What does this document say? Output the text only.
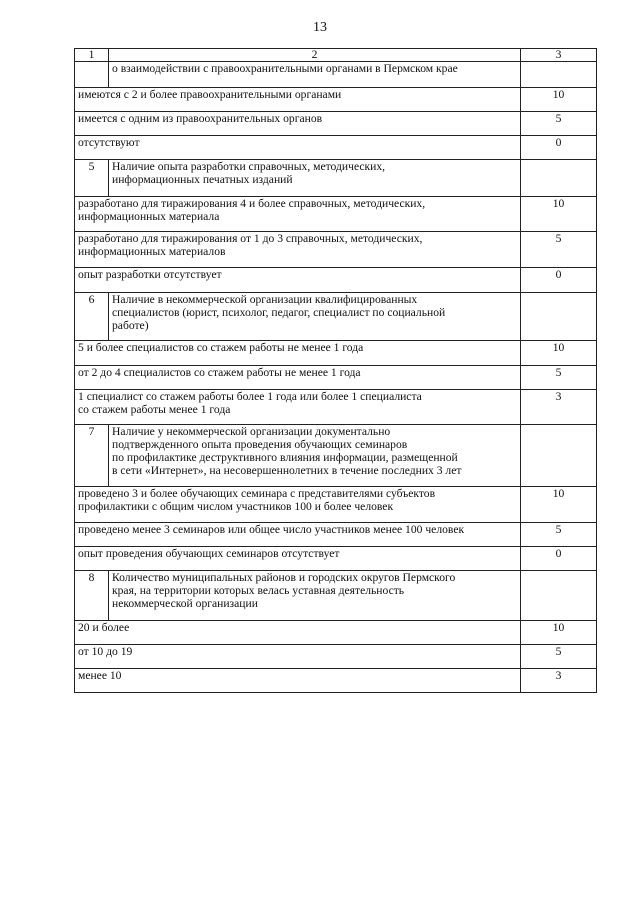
13
1	2	3
	о взаимодействии с правоохранительными органами в Пермском крае	
имеются с 2 и более правоохранительными органами		10
имеется с одним из правоохранительных органов		5
отсутствуют		0
5	Наличие опыта разработки справочных, методических,
информационных печатных изданий	
разработано для тиражирования 4 и более справочных, методических,
информационных материала		10
разработано для тиражирования от 1 до 3 справочных, методических,
информационных материалов		5
опыт разработки отсутствует		0
6	Наличие в некоммерческой организации квалифицированных
специалистов (юрист, психолог, педагог, специалист по социальной
работе)	
5 и более специалистов со стажем работы не менее 1 года		10
от 2 до 4 специалистов со стажем работы не менее 1 года		5
1 специалист со стажем работы более 1 года или более 1 специалиста
со стажем работы менее 1 года		3
7	Наличие у некоммерческой организации документально
подтвержденного опыта проведения обучающих семинаров
по профилактике деструктивного влияния информации, размещенной
в сети «Интернет», на несовершеннолетних в течение последних 3 лет	
проведено 3 и более обучающих семинара с представителями субъектов
профилактики с общим числом участников 100 и более человек		10
проведено менее 3 семинаров или общее число участников менее 100 человек		5
опыт проведения обучающих семинаров отсутствует		0
8	Количество муниципальных районов и городских округов Пермского
края, на территории которых велась уставная деятельность
некоммерческой организации	
20 и более		10
от 10 до 19		5
менее 10		3
